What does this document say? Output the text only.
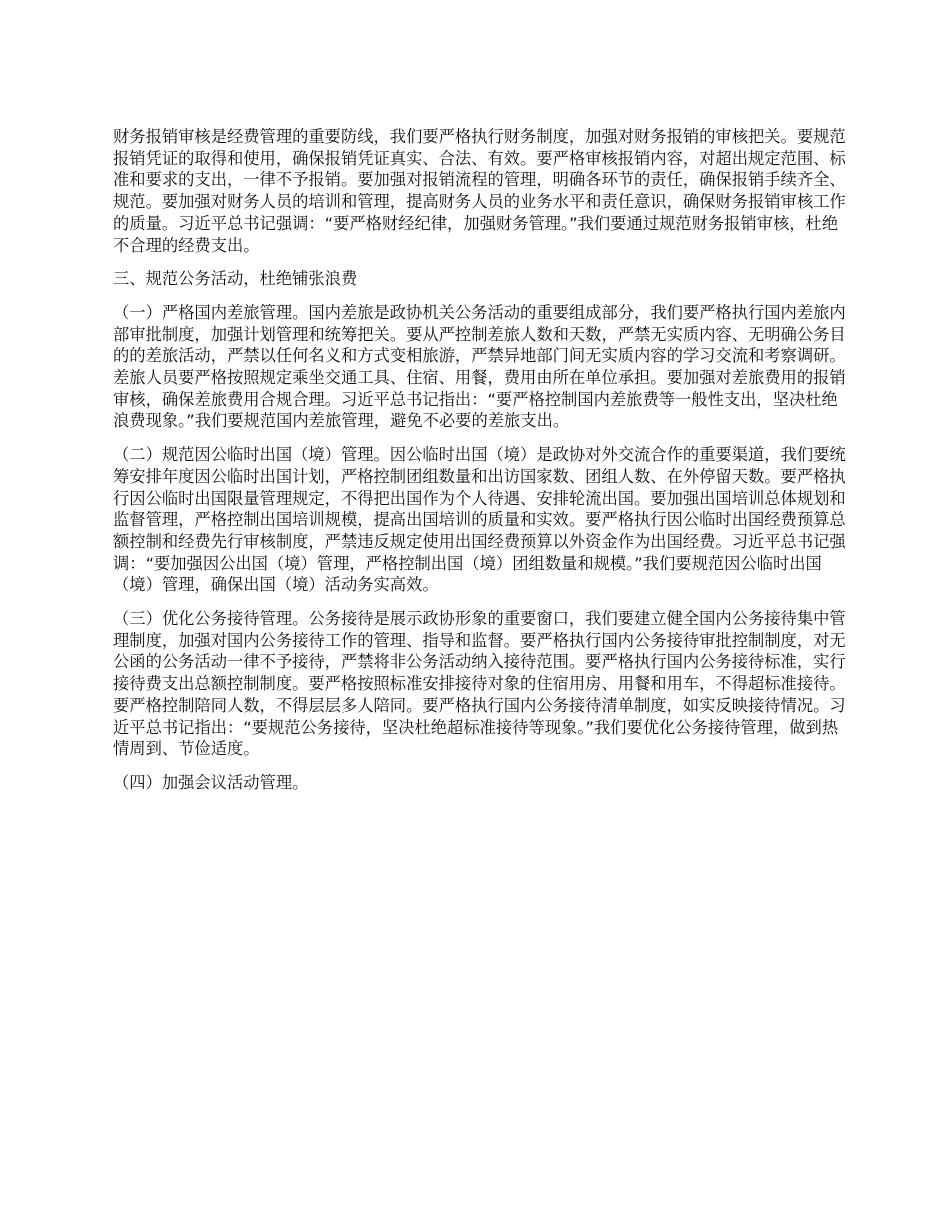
财务报销审核是经费管理的重要防线，我们要严格执行财务制度，加强对财务报销的审核把关。要规范报销凭证的取得和使用，确保报销凭证真实、合法、有效。要严格审核报销内容，对超出规定范围、标准和要求的支出，一律不予报销。要加强对报销流程的管理，明确各环节的责任，确保报销手续齐全、规范。要加强对财务人员的培训和管理，提高财务人员的业务水平和责任意识，确保财务报销审核工作的质量。习近平总书记强调：“要严格财经纪律，加强财务管理。”我们要通过规范财务报销审核，杜绝不合理的经费支出。

三、规范公务活动，杜绝铺张浪费

（一）严格国内差旅管理。国内差旅是政协机关公务活动的重要组成部分，我们要严格执行国内差旅内部审批制度，加强计划管理和统筹把关。要从严控制差旅人数和天数，严禁无实质内容、无明确公务目的的差旅活动，严禁以任何名义和方式变相旅游，严禁异地部门间无实质内容的学习交流和考察调研。差旅人员要严格按照规定乘坐交通工具、住宿、用餐，费用由所在单位承担。要加强对差旅费用的报销审核，确保差旅费用合规合理。习近平总书记指出：“要严格控制国内差旅费等一般性支出，坚决杜绝浪费现象。”我们要规范国内差旅管理，避免不必要的差旅支出。

（二）规范因公临时出国（境）管理。因公临时出国（境）是政协对外交流合作的重要渠道，我们要统筹安排年度因公临时出国计划，严格控制团组数量和出访国家数、团组人数、在外停留天数。要严格执行因公临时出国限量管理规定，不得把出国作为个人待遇、安排轮流出国。要加强出国培训总体规划和监督管理，严格控制出国培训规模，提高出国培训的质量和实效。要严格执行因公临时出国经费预算总额控制和经费先行审核制度，严禁违反规定使用出国经费预算以外资金作为出国经费。习近平总书记强调：“要加强因公出国（境）管理，严格控制出国（境）团组数量和规模。”我们要规范因公临时出国（境）管理，确保出国（境）活动务实高效。

（三）优化公务接待管理。公务接待是展示政协形象的重要窗口，我们要建立健全国内公务接待集中管理制度，加强对国内公务接待工作的管理、指导和监督。要严格执行国内公务接待审批控制制度，对无公函的公务活动一律不予接待，严禁将非公务活动纳入接待范围。要严格执行国内公务接待标准，实行接待费支出总额控制制度。要严格按照标准安排接待对象的住宿用房、用餐和用车，不得超标准接待。要严格控制陪同人数，不得层层多人陪同。要严格执行国内公务接待清单制度，如实反映接待情况。习近平总书记指出：“要规范公务接待，坚决杜绝超标准接待等现象。”我们要优化公务接待管理，做到热情周到、节俭适度。

（四）加强会议活动管理。
